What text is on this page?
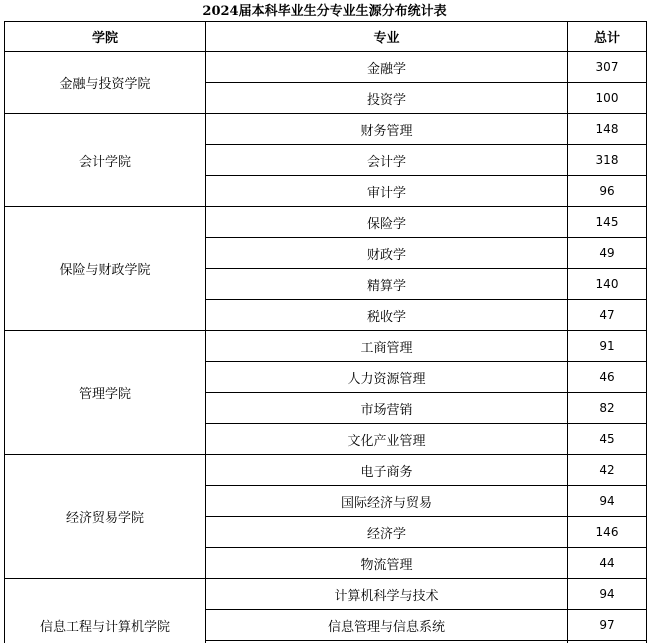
2024届本科毕业生分专业生源分布统计表
学院	专业	总计
金融与投资学院	金融学	307
	投资学	100
会计学院	财务管理	148
	会计学	318
	审计学	96
保险与财政学院	保险学	145
	财政学	49
	精算学	140
	税收学	47
管理学院	工商管理	91
	人力资源管理	46
	市场营销	82
	文化产业管理	45
经济贸易学院	电子商务	42
	国际经济与贸易	94
	经济学	146
	物流管理	44
信息工程与计算机学院	计算机科学与技术	94
	信息管理与信息系统	97
